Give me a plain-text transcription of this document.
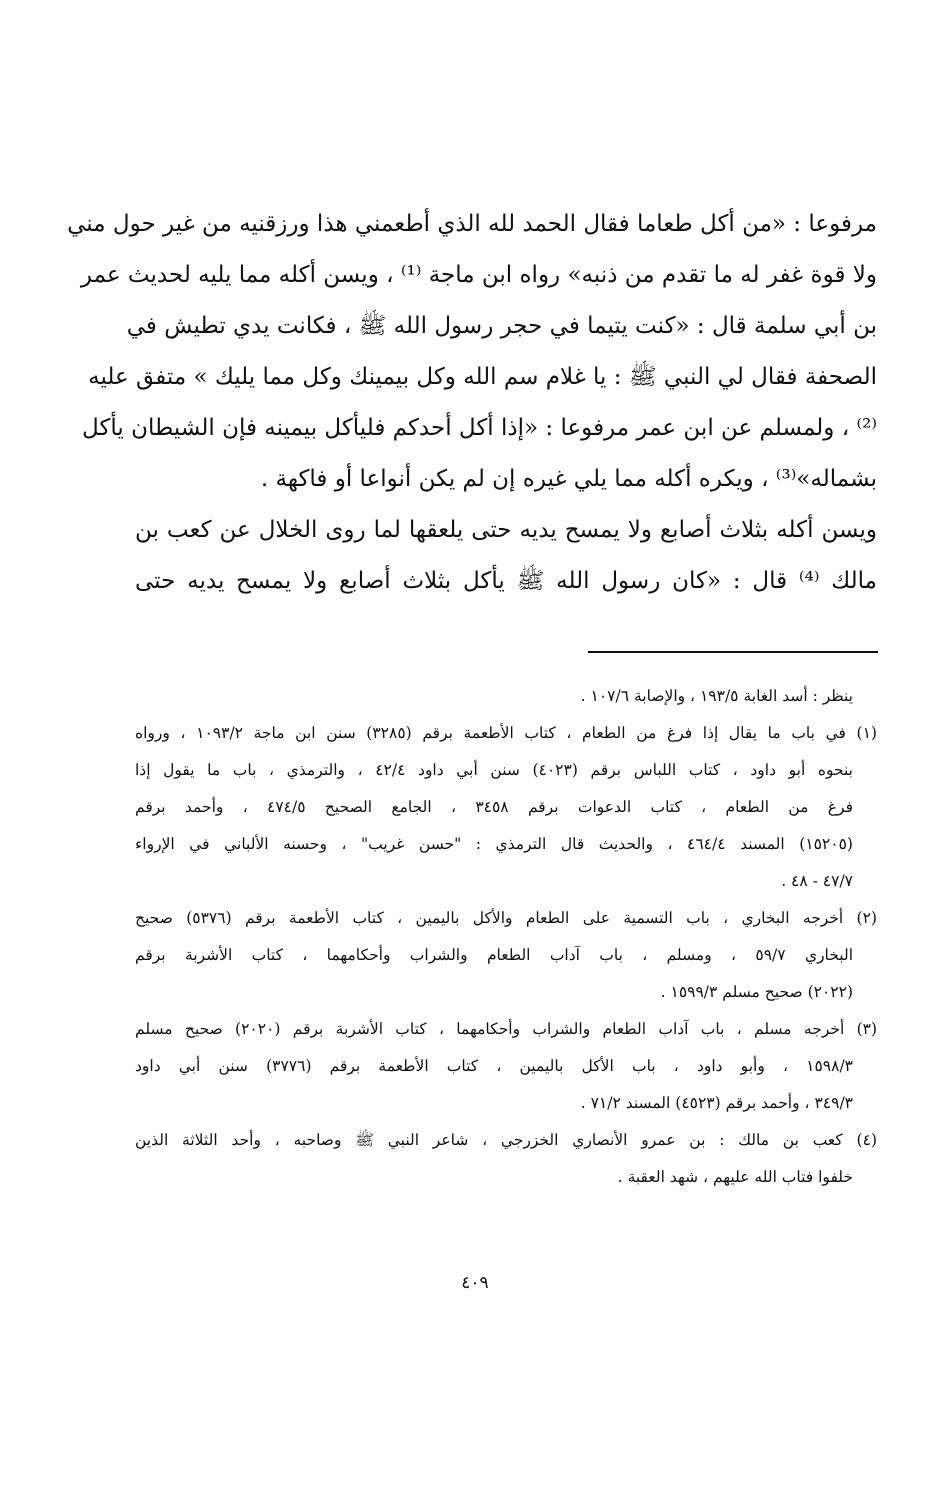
مرفوعا : «من أكل طعاما فقال الحمد لله الذي أطعمني هذا ورزقنيه من غير حول مني
ولا قوة غفر له ما تقدم من ذنبه» رواه ابن ماجة ⁽¹⁾ ، ويسن أكله مما يليه لحديث عمر
بن أبي سلمة قال : «كنت يتيما في حجر رسول الله ﷺ ، فكانت يدي تطيش في
الصحفة فقال لي النبي ﷺ : يا غلام سم الله وكل بيمينك وكل مما يليك » متفق عليه
⁽²⁾ ، ولمسلم عن ابن عمر مرفوعا : «إذا أكل أحدكم فليأكل بيمينه فإن الشيطان يأكل
بشماله»⁽³⁾ ، ويكره أكله مما يلي غيره إن لم يكن أنواعا أو فاكهة .
ويسن أكله بثلاث أصابع ولا يمسح يديه حتى يلعقها لما روى الخلال عن كعب بن
مالك ⁽⁴⁾ قال : «كان رسول الله ﷺ يأكل بثلاث أصابع ولا يمسح يديه حتى
ينظر : أسد الغابة ١٩٣/٥ ، والإصابة ١٠٧/٦ .
(١) في باب ما يقال إذا فرغ من الطعام ، كتاب الأطعمة برقم (٣٢٨٥) سنن ابن ماجة ١٠٩٣/٢ ، ورواه
بنحوه أبو داود ، كتاب اللباس برقم (٤٠٢٣) سنن أبي داود ٤٢/٤ ، والترمذي ، باب ما يقول إذا
فرغ من الطعام ، كتاب الدعوات برقم ٣٤٥٨ ، الجامع الصحيح ٤٧٤/٥ ، وأحمد برقم
(١٥٢٠٥) المسند ٤٦٤/٤ ، والحديث قال الترمذي : "حسن غريب" ، وحسنه الألباني في الإرواء
٤٧/٧ - ٤٨ .
(٢) أخرجه البخاري ، باب التسمية على الطعام والأكل باليمين ، كتاب الأطعمة برقم (٥٣٧٦) صحيح
البخاري ٥٩/٧ ، ومسلم ، باب آداب الطعام والشراب وأحكامهما ، كتاب الأشربة برقم
(٢٠٢٢) صحيح مسلم ١٥٩٩/٣ .
(٣) أخرجه مسلم ، باب آداب الطعام والشراب وأحكامهما ، كتاب الأشربة برقم (٢٠٢٠) صحيح مسلم
١٥٩٨/٣ ، وأبو داود ، باب الأكل باليمين ، كتاب الأطعمة برقم (٣٧٧٦) سنن أبي داود
٣٤٩/٣ ، وأحمد برقم (٤٥٢٣) المسند ٧١/٢ .
(٤) كعب بن مالك : بن عمرو الأنصاري الخزرجي ، شاعر النبي ﷺ وصاحبه ، وأحد الثلاثة الذين
خلفوا فتاب الله عليهم ، شهد العقبة .
٤٠٩
